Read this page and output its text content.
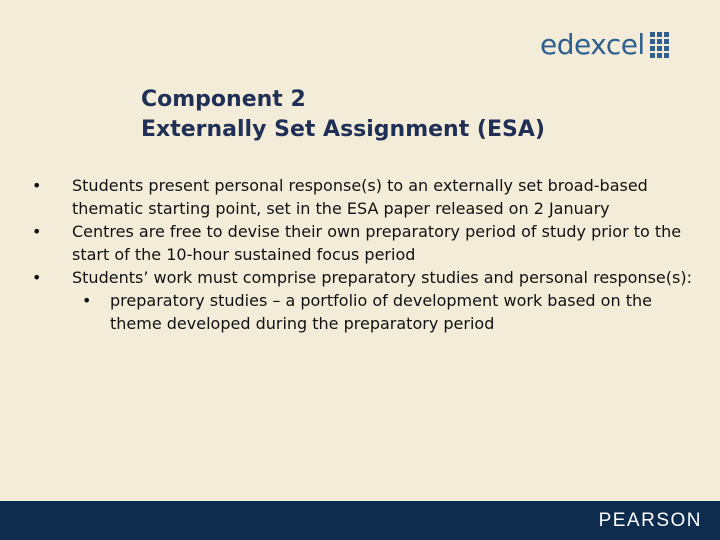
edexcel
Component 2
Externally Set Assignment (ESA)
• Students present personal response(s) to an externally set broad-based thematic starting point, set in the ESA paper released on 2 January
• Centres are free to devise their own preparatory period of study prior to the start of the 10-hour sustained focus period
• Students’ work must comprise preparatory studies and personal response(s):
• preparatory studies – a portfolio of development work based on the theme developed during the preparatory period
PEARSON
